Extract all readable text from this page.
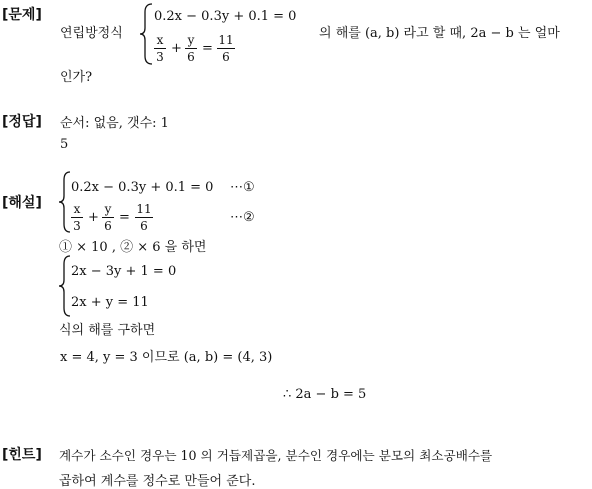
[문제]
연립방정식
0.2x − 0.3y + 0.1 = 0
x
3
+
y
6
=
11
6
의 해를 (a, b) 라고 할 때, 2a − b 는 얼마
인가?
[정답] 순서: 없음, 갯수: 1
5
[해설]
0.2x − 0.3y + 0.1 = 0 ⋯①
x
3
+
y
6
=
11
6
⋯②
① × 10 , ② × 6 을 하면
2x − 3y + 1 = 0
2x + y = 11
식의 해를 구하면
x = 4, y = 3 이므로 (a, b) = (4, 3)
∴ 2a − b = 5
[힌트] 계수가 소수인 경우는 10 의 거듭제곱을, 분수인 경우에는 분모의 최소공배수를
곱하여 계수를 정수로 만들어 준다.
